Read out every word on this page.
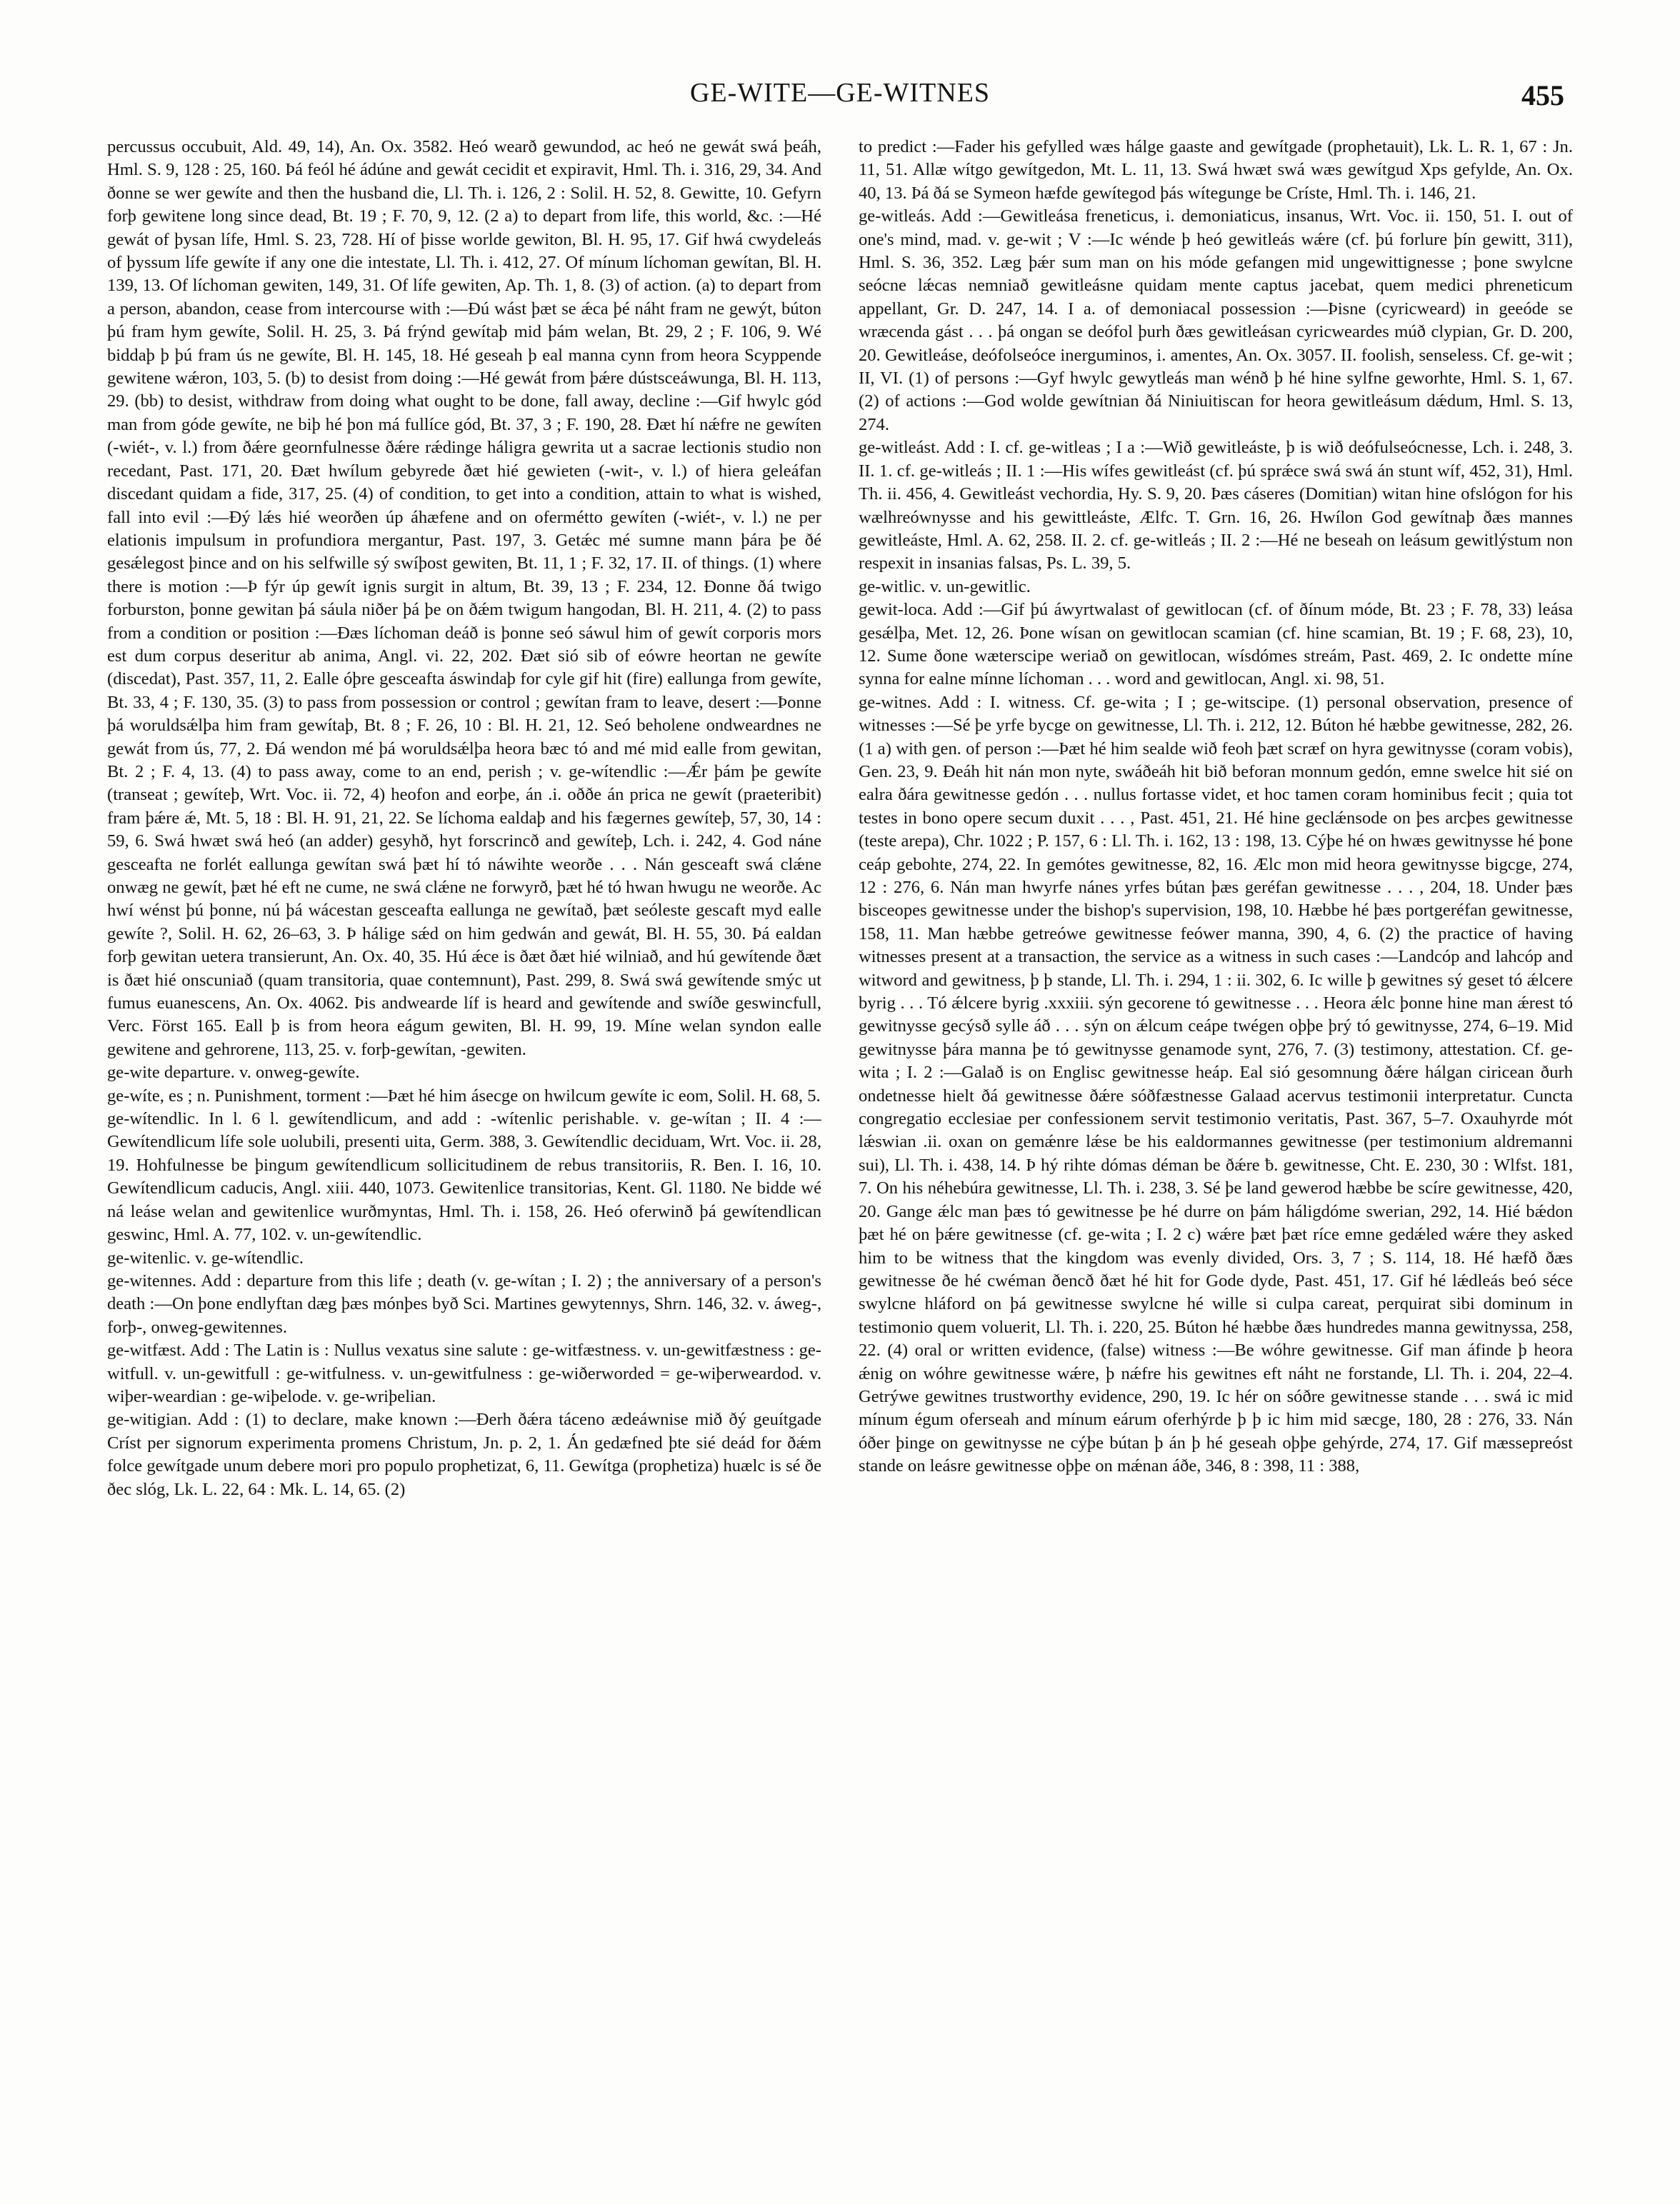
GE-WITE—GE-WITNES	455

percussus occubuit, Ald. 49, 14), An. Ox. 3582. Heó wearð gewundod, ac heó ne gewát swá þeáh, Hml. S. 9, 128 : 25, 160. Þá feól hé ádúne and gewát cecidit et expiravit, Hml. Th. i. 316, 29, 34. And ðonne se wer gewíte and then the husband die, Ll. Th. i. 126, 2 : Solil. H. 52, 8. Gewitte, 10. Gefyrn forþ gewitene long since dead, Bt. 19 ; F. 70, 9, 12. (2 a) to depart from life, this world, &c. :—Hé gewát of þysan lífe, Hml. S. 23, 728. Hí of þisse worlde gewiton, Bl. H. 95, 17. Gif hwá cwydeleás of þyssum lífe gewíte if any one die intestate, Ll. Th. i. 412, 27. Of mínum líchoman gewítan, Bl. H. 139, 13. Of líchoman gewiten, 149, 31. Of lífe gewiten, Ap. Th. 1, 8. (3) of action. (a) to depart from a person, abandon, cease from intercourse with :—Ðú wást þæt se ǽca þé náht fram ne gewýt, búton þú fram hym gewíte, Solil. H. 25, 3. Þá frýnd gewítaþ mid þám welan, Bt. 29, 2 ; F. 106, 9. Wé biddaþ þ þú fram ús ne gewíte, Bl. H. 145, 18. Hé geseah þ eal manna cynn from heora Scyppende gewitene wǽron, 103, 5. (b) to desist from doing :—Hé gewát from þǽre dústsceáwunga, Bl. H. 113, 29. (bb) to desist, withdraw from doing what ought to be done, fall away, decline :—Gif hwylc gód man from góde gewíte, ne biþ hé þon má fullíce gód, Bt. 37, 3 ; F. 190, 28. Ðæt hí nǽfre ne gewíten (-wiét-, v. l.) from ðǽre geornfulnesse ðǽre rǽdinge háligra gewrita ut a sacrae lectionis studio non recedant, Past. 171, 20. Ðæt hwílum gebyrede ðæt hié gewieten (-wit-, v. l.) of hiera geleáfan discedant quidam a fide, 317, 25. (4) of condition, to get into a condition, attain to what is wished, fall into evil :—Ðý lǽs hié weorðen úp áhæfene and on ofermétto gewíten (-wiét-, v. l.) ne per elationis impulsum in profundiora mergantur, Past. 197, 3. Getǽc mé sumne mann þára þe ðé gesǽlegost þince and on his selfwille sý swíþost gewiten, Bt. 11, 1 ; F. 32, 17. II. of things. (1) where there is motion :—Þ fýr úp gewít ignis surgit in altum, Bt. 39, 13 ; F. 234, 12. Ðonne ðá twigo forburston, þonne gewitan þá sáula niðer þá þe on ðǽm twigum hangodan, Bl. H. 211, 4. (2) to pass from a condition or position :—Ðæs líchoman deáð is þonne seó sáwul him of gewít corporis mors est dum corpus deseritur ab anima, Angl. vi. 22, 202. Ðæt sió sib of eówre heortan ne gewíte (discedat), Past. 357, 11, 2. Ealle óþre gesceafta áswindaþ for cyle gif hit (fire) eallunga from gewíte, Bt. 33, 4 ; F. 130, 35. (3) to pass from possession or control ; gewítan fram to leave, desert :—Þonne þá woruldsǽlþa him fram gewítaþ, Bt. 8 ; F. 26, 10 : Bl. H. 21, 12. Seó beholene ondweardnes ne gewát from ús, 77, 2. Ðá wendon mé þá woruldsǽlþa heora bæc tó and mé mid ealle from gewitan, Bt. 2 ; F. 4, 13. (4) to pass away, come to an end, perish ; v. ge-wítendlic :—Ǽr þám þe gewíte (transeat ; gewíteþ, Wrt. Voc. ii. 72, 4) heofon and eorþe, án .i. oððe án prica ne gewít (praeteribit) fram þǽre ǽ, Mt. 5, 18 : Bl. H. 91, 21, 22. Se líchoma ealdaþ and his fægernes gewíteþ, 57, 30, 14 : 59, 6. Swá hwæt swá heó (an adder) gesyhð, hyt forscrincð and gewíteþ, Lch. i. 242, 4. God náne gesceafta ne forlét eallunga gewítan swá þæt hí tó náwihte weorðe . . . Nán gesceaft swá clǽne onwæg ne gewít, þæt hé eft ne cume, ne swá clǽne ne forwyrð, þæt hé tó hwan hwugu ne weorðe. Ac hwí wénst þú þonne, nú þá wácestan gesceafta eallunga ne gewítað, þæt seóleste gescaft myd ealle gewíte ?, Solil. H. 62, 26–63, 3. Þ hálige sǽd on him gedwán and gewát, Bl. H. 55, 30. Þá ealdan forþ gewitan uetera transierunt, An. Ox. 40, 35. Hú ǽce is ðæt ðæt hié wilniað, and hú gewítende ðæt is ðæt hié onscuniað (quam transitoria, quae contemnunt), Past. 299, 8. Swá swá gewítende smýc ut fumus euanescens, An. Ox. 4062. Þis andwearde líf is heard and gewítende and swíðe geswincfull, Verc. Först 165. Eall þ is from heora eágum gewiten, Bl. H. 99, 19. Míne welan syndon ealle gewitene and gehrorene, 113, 25. v. forþ-gewítan, -gewiten.

ge-wite departure. v. onweg-gewíte.

ge-wíte, es ; n. Punishment, torment :—Þæt hé him ásecge on hwilcum gewíte ic eom, Solil. H. 68, 5.

ge-wítendlic. In l. 6 l. gewítendlicum, and add : -wítenlic perishable. v. ge-wítan ; II. 4 :—Gewítendlicum lífe sole uolubili, presenti uita, Germ. 388, 3. Gewítendlic deciduam, Wrt. Voc. ii. 28, 19. Hohfulnesse be þingum gewítendlicum sollicitudinem de rebus transitoriis, R. Ben. I. 16, 10. Gewítendlicum caducis, Angl. xiii. 440, 1073. Gewitenlice transitorias, Kent. Gl. 1180. Ne bidde wé ná leáse welan and gewitenlice wurðmyntas, Hml. Th. i. 158, 26. Heó oferwinð þá gewítendlican geswinc, Hml. A. 77, 102. v. un-gewítendlic.

ge-witenlic. v. ge-wítendlic.

ge-witennes. Add : departure from this life ; death (v. ge-wítan ; I. 2) ; the anniversary of a person's death :—On þone endlyftan dæg þæs mónþes byð Sci. Martines gewytennys, Shrn. 146, 32. v. áweg-, forþ-, onweg-gewitennes.

ge-witfæst. Add : The Latin is : Nullus vexatus sine salute : ge-witfæstness. v. un-gewitfæstness : ge-witfull. v. un-gewitfull : ge-witfulness. v. un-gewitfulness : ge-wiðerworded = ge-wiþerweardod. v. wiþer-weardian : ge-wiþelode. v. ge-wriþelian.

ge-witigian. Add : (1) to declare, make known :—Ðerh ðǽra táceno ædeáwnise mið ðý geuítgade Críst per signorum experimenta promens Christum, Jn. p. 2, 1. Án gedæfned þte sié deád for ðǽm folce gewítgade unum debere mori pro populo prophetizat, 6, 11. Gewítga (prophetiza) huælc is sé ðe ðec slóg, Lk. L. 22, 64 : Mk. L. 14, 65. (2)

to predict :—Fader his gefylled wæs hálge gaaste and gewítgade (prophetauit), Lk. L. R. 1, 67 : Jn. 11, 51. Allæ wítgo gewítgedon, Mt. L. 11, 13. Swá hwæt swá wæs gewítgud Xps gefylde, An. Ox. 40, 13. Þá ðá se Symeon hæfde gewítegod þás wítegunge be Críste, Hml. Th. i. 146, 21.

ge-witleás. Add :—Gewitleása freneticus, i. demoniaticus, insanus, Wrt. Voc. ii. 150, 51. I. out of one's mind, mad. v. ge-wit ; V :—Ic wénde þ heó gewitleás wǽre (cf. þú forlure þín gewitt, 311), Hml. S. 36, 352. Læg þǽr sum man on his móde gefangen mid ungewittignesse ; þone swylcne seócne lǽcas nemniað gewitleásne quidam mente captus jacebat, quem medici phreneticum appellant, Gr. D. 247, 14. I a. of demoniacal possession :—Þisne (cyricweard) in geeóde se wræcenda gást . . . þá ongan se deófol þurh ðæs gewitleásan cyricweardes múð clypian, Gr. D. 200, 20. Gewitleáse, deófolseóce inerguminos, i. amentes, An. Ox. 3057. II. foolish, senseless. Cf. ge-wit ; II, VI. (1) of persons :—Gyf hwylc gewytleás man wénð þ hé hine sylfne geworhte, Hml. S. 1, 67. (2) of actions :—God wolde gewítnian ðá Niniuitiscan for heora gewitleásum dǽdum, Hml. S. 13, 274.

ge-witleást. Add : I. cf. ge-witleas ; I a :—Wið gewitleáste, þ is wið deófulseócnesse, Lch. i. 248, 3. II. 1. cf. ge-witleás ; II. 1 :—His wífes gewitleást (cf. þú sprǽce swá swá án stunt wíf, 452, 31), Hml. Th. ii. 456, 4. Gewitleást vechordia, Hy. S. 9, 20. Þæs cáseres (Domitian) witan hine ofslógon for his wælhreównysse and his gewittleáste, Ælfc. T. Grn. 16, 26. Hwílon God gewítnaþ ðæs mannes gewitleáste, Hml. A. 62, 258. II. 2. cf. ge-witleás ; II. 2 :—Hé ne beseah on leásum gewitlýstum non respexit in insanias falsas, Ps. L. 39, 5.

ge-witlic. v. un-gewitlic.

gewit-loca. Add :—Gif þú áwyrtwalast of gewitlocan (cf. of ðínum móde, Bt. 23 ; F. 78, 33) leása gesǽlþa, Met. 12, 26. Þone wísan on gewitlocan scamian (cf. hine scamian, Bt. 19 ; F. 68, 23), 10, 12. Sume ðone wæterscipe weriað on gewitlocan, wísdómes streám, Past. 469, 2. Ic ondette míne synna for ealne mínne líchoman . . . word and gewitlocan, Angl. xi. 98, 51.

ge-witnes. Add : I. witness. Cf. ge-wita ; I ; ge-witscipe. (1) personal observation, presence of witnesses :—Sé þe yrfe bycge on gewitnesse, Ll. Th. i. 212, 12. Búton hé hæbbe gewitnesse, 282, 26. (1 a) with gen. of person :—Þæt hé him sealde wið feoh þæt scræf on hyra gewitnysse (coram vobis), Gen. 23, 9. Ðeáh hit nán mon nyte, swáðeáh hit bið beforan monnum gedón, emne swelce hit sié on ealra ðára gewitnesse gedón . . . nullus fortasse videt, et hoc tamen coram hominibus fecit ; quia tot testes in bono opere secum duxit . . . , Past. 451, 21. Hé hine geclǽnsode on þes arcþes gewitnesse (teste arepa), Chr. 1022 ; P. 157, 6 : Ll. Th. i. 162, 13 : 198, 13. Cýþe hé on hwæs gewitnysse hé þone ceáp gebohte, 274, 22. In gemótes gewitnesse, 82, 16. Ælc mon mid heora gewitnysse bigcge, 274, 12 : 276, 6. Nán man hwyrfe nánes yrfes bútan þæs geréfan gewitnesse . . . , 204, 18. Under þæs bisceopes gewitnesse under the bishop's supervision, 198, 10. Hæbbe hé þæs portgeréfan gewitnesse, 158, 11. Man hæbbe getreówe gewitnesse feówer manna, 390, 4, 6. (2) the practice of having witnesses present at a transaction, the service as a witness in such cases :—Landcóp and lahcóp and witword and gewitness, þ þ stande, Ll. Th. i. 294, 1 : ii. 302, 6. Ic wille þ gewitnes sý geset tó ǽlcere byrig . . . Tó ǽlcere byrig .xxxiii. sýn gecorene tó gewitnesse . . . Heora ǽlc þonne hine man ǽrest tó gewitnysse gecýsð sylle áð . . . sýn on ǽlcum ceápe twégen oþþe þrý tó gewitnysse, 274, 6–19. Mid gewitnysse þára manna þe tó gewitnysse genamode synt, 276, 7. (3) testimony, attestation. Cf. ge-wita ; I. 2 :—Galað is on Englisc gewitnesse heáp. Eal sió gesomnung ðǽre hálgan ciricean ðurh ondetnesse hielt ðá gewitnesse ðǽre sóðfæstnesse Galaad acervus testimonii interpretatur. Cuncta congregatio ecclesiae per confessionem servit testimonio veritatis, Past. 367, 5–7. Oxauhyrde mót lǽswian .ii. oxan on gemǽnre lǽse be his ealdormannes gewitnesse (per testimonium aldremanni sui), Ll. Th. i. 438, 14. Þ hý rihte dómas déman be ðǽre ƀ. gewitnesse, Cht. E. 230, 30 : Wlfst. 181, 7. On his néhebúra gewitnesse, Ll. Th. i. 238, 3. Sé þe land gewerod hæbbe be scíre gewitnesse, 420, 20. Gange ǽlc man þæs tó gewitnesse þe hé durre on þám háligdóme swerian, 292, 14. Hié bǽdon þæt hé on þǽre gewitnesse (cf. ge-wita ; I. 2 c) wǽre þæt þæt ríce emne gedǽled wǽre they asked him to be witness that the kingdom was evenly divided, Ors. 3, 7 ; S. 114, 18. Hé hæfð ðæs gewitnesse ðe hé cwéman ðencð ðæt hé hit for Gode dyde, Past. 451, 17. Gif hé lǽdleás beó séce swylcne hláford on þá gewitnesse swylcne hé wille si culpa careat, perquirat sibi dominum in testimonio quem voluerit, Ll. Th. i. 220, 25. Búton hé hæbbe ðæs hundredes manna gewitnyssa, 258, 22. (4) oral or written evidence, (false) witness :—Be wóhre gewitnesse. Gif man áfinde þ heora ǽnig on wóhre gewitnesse wǽre, þ nǽfre his gewitnes eft náht ne forstande, Ll. Th. i. 204, 22–4. Getrýwe gewitnes trustworthy evidence, 290, 19. Ic hér on sóðre gewitnesse stande . . . swá ic mid mínum égum oferseah and mínum eárum oferhýrde þ þ ic him mid sæcge, 180, 28 : 276, 33. Nán óðer þinge on gewitnysse ne cýþe bútan þ án þ hé geseah oþþe gehýrde, 274, 17. Gif mæssepreóst stande on leásre gewitnesse oþþe on mǽnan áðe, 346, 8 : 398, 11 : 388,
